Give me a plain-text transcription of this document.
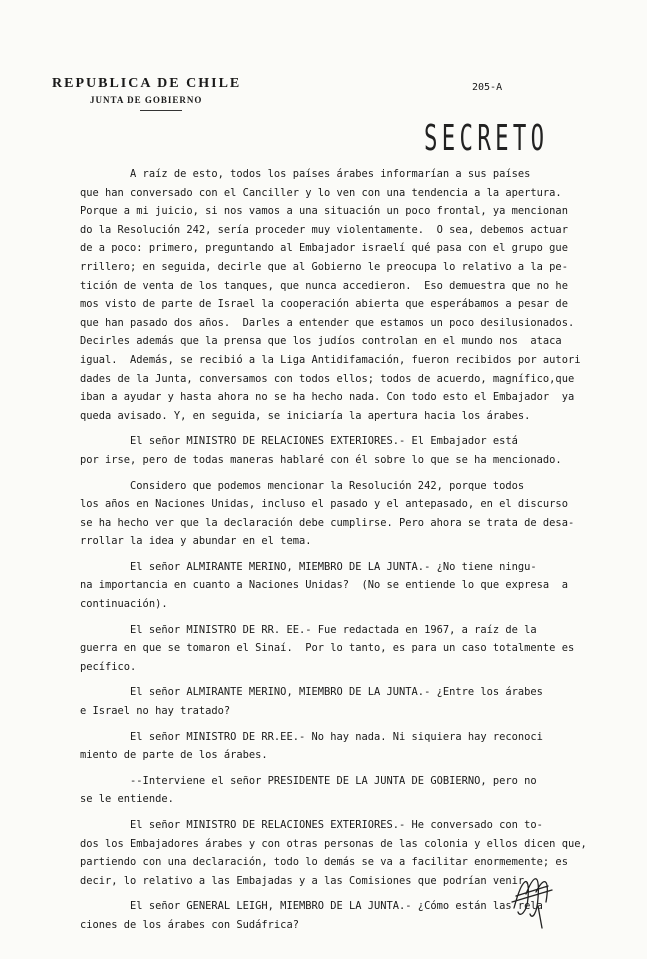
REPUBLICA DE CHILE
JUNTA DE GOBIERNO
205-A
SECRETO
A raíz de esto, todos los países árabes informarían a sus países
que han conversado con el Canciller y lo ven con una tendencia a la apertura.
Porque a mi juicio, si nos vamos a una situación un poco frontal, ya mencionan
do la Resolución 242, sería proceder muy violentamente.  O sea, debemos actuar
de a poco: primero, preguntando al Embajador israelí qué pasa con el grupo gue
rrillero; en seguida, decirle que al Gobierno le preocupa lo relativo a la pe-
tición de venta de los tanques, que nunca accedieron.  Eso demuestra que no he
mos visto de parte de Israel la cooperación abierta que esperábamos a pesar de
que han pasado dos años.  Darles a entender que estamos un poco desilusionados.
Decirles además que la prensa que los judíos controlan en el mundo nos  ataca
igual.  Además, se recibió a la Liga Antidifamación, fueron recibidos por autori
dades de la Junta, conversamos con todos ellos; todos de acuerdo, magnífico,que
iban a ayudar y hasta ahora no se ha hecho nada. Con todo esto el Embajador  ya
queda avisado. Y, en seguida, se iniciaría la apertura hacia los árabes.
El señor MINISTRO DE RELACIONES EXTERIORES.- El Embajador está
por irse, pero de todas maneras hablaré con él sobre lo que se ha mencionado.
Considero que podemos mencionar la Resolución 242, porque todos
los años en Naciones Unidas, incluso el pasado y el antepasado, en el discurso
se ha hecho ver que la declaración debe cumplirse. Pero ahora se trata de desa-
rrollar la idea y abundar en el tema.
El señor ALMIRANTE MERINO, MIEMBRO DE LA JUNTA.- ¿No tiene ningu-
na importancia en cuanto a Naciones Unidas?  (No se entiende lo que expresa  a
continuación).
El señor MINISTRO DE RR. EE.- Fue redactada en 1967, a raíz de la
guerra en que se tomaron el Sinaí.  Por lo tanto, es para un caso totalmente es
pecífico.
El señor ALMIRANTE MERINO, MIEMBRO DE LA JUNTA.- ¿Entre los árabes
e Israel no hay tratado?
El señor MINISTRO DE RR.EE.- No hay nada. Ni siquiera hay reconoci
miento de parte de los árabes.
--Interviene el señor PRESIDENTE DE LA JUNTA DE GOBIERNO, pero no
se le entiende.
El señor MINISTRO DE RELACIONES EXTERIORES.- He conversado con to-
dos los Embajadores árabes y con otras personas de las colonia y ellos dicen que,
partiendo con una declaración, todo lo demás se va a facilitar enormemente; es
decir, lo relativo a las Embajadas y a las Comisiones que podrían venir.
El señor GENERAL LEIGH, MIEMBRO DE LA JUNTA.- ¿Cómo están las rela
ciones de los árabes con Sudáfrica?
